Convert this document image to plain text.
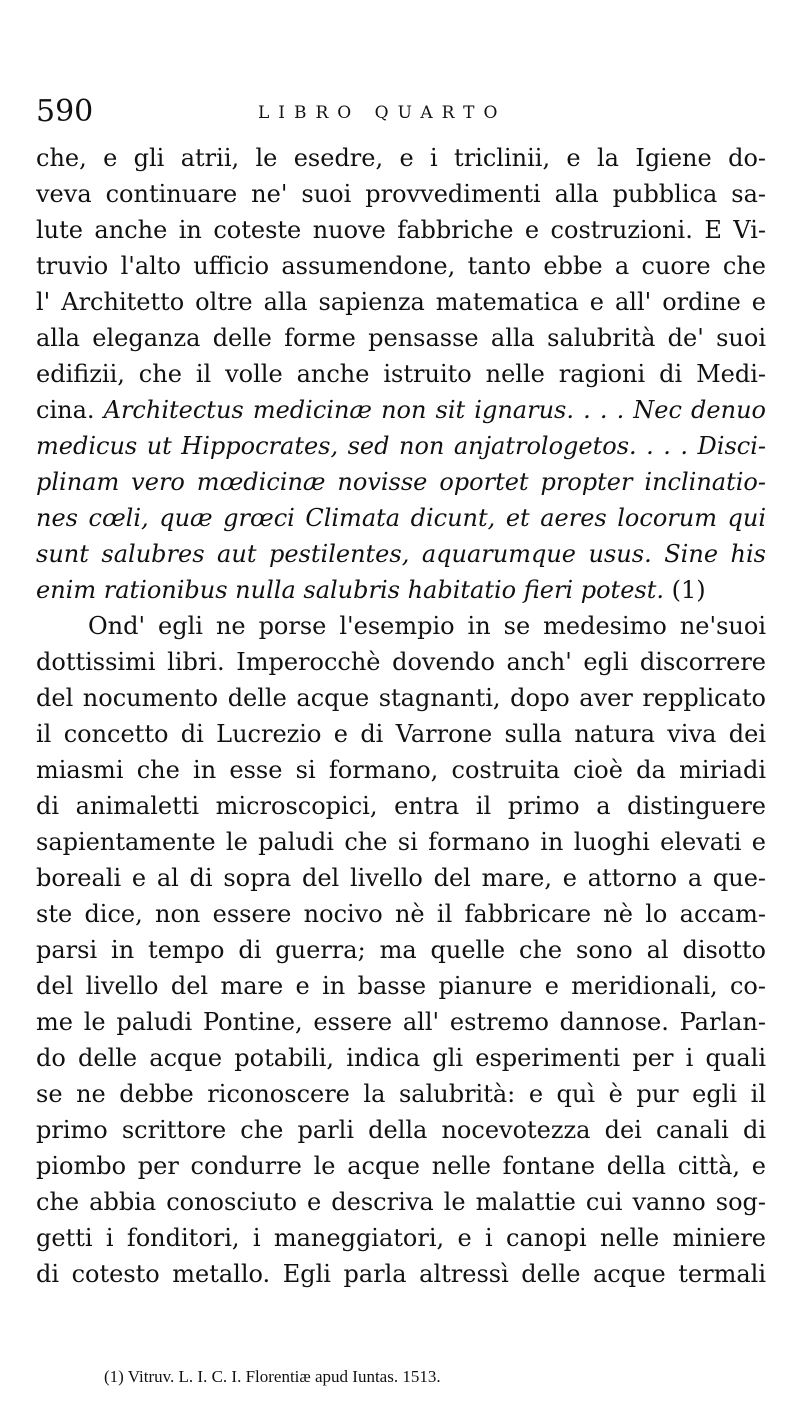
590	LIBRO QUARTO
che, e gli atrii, le esedre, e i triclinii, e la Igiene do-
veva continuare ne' suoi provvedimenti alla pubblica sa-
lute anche in coteste nuove fabbriche e costruzioni. E Vi-
truvio l'alto ufficio assumendone, tanto ebbe a cuore che
l' Architetto oltre alla sapienza matematica e all' ordine e
alla eleganza delle forme pensasse alla salubrità de' suoi
edifizii, che il volle anche istruito nelle ragioni di Medi-
cina. Architectus medicinæ non sit ignarus. . . . Nec denuo
medicus ut Hippocrates, sed non anjatrologetos. . . . Disci-
plinam vero mœdicinæ novisse oportet propter inclinatio-
nes cœli, quæ grœci Climata dicunt, et aeres locorum qui
sunt salubres aut pestilentes, aquarumque usus. Sine his
enim rationibus nulla salubris habitatio fieri potest. (1)
Ond' egli ne porse l'esempio in se medesimo ne'suoi
dottissimi libri. Imperocchè dovendo anch' egli discorrere
del nocumento delle acque stagnanti, dopo aver repplicato
il concetto di Lucrezio e di Varrone sulla natura viva dei
miasmi che in esse si formano, costruita cioè da miriadi
di animaletti microscopici, entra il primo a distinguere
sapientamente le paludi che si formano in luoghi elevati e
boreali e al di sopra del livello del mare, e attorno a que-
ste dice, non essere nocivo nè il fabbricare nè lo accam-
parsi in tempo di guerra; ma quelle che sono al disotto
del livello del mare e in basse pianure e meridionali, co-
me le paludi Pontine, essere all' estremo dannose. Parlan-
do delle acque potabili, indica gli esperimenti per i quali
se ne debbe riconoscere la salubrità: e quì è pur egli il
primo scrittore che parli della nocevotezza dei canali di
piombo per condurre le acque nelle fontane della città, e
che abbia conosciuto e descriva le malattie cui vanno sog-
getti i fonditori, i maneggiatori, e i canopi nelle miniere
di cotesto metallo. Egli parla altressì delle acque termali
(1) Vitruv. L. I. C. I. Florentiæ apud Iuntas. 1513.
